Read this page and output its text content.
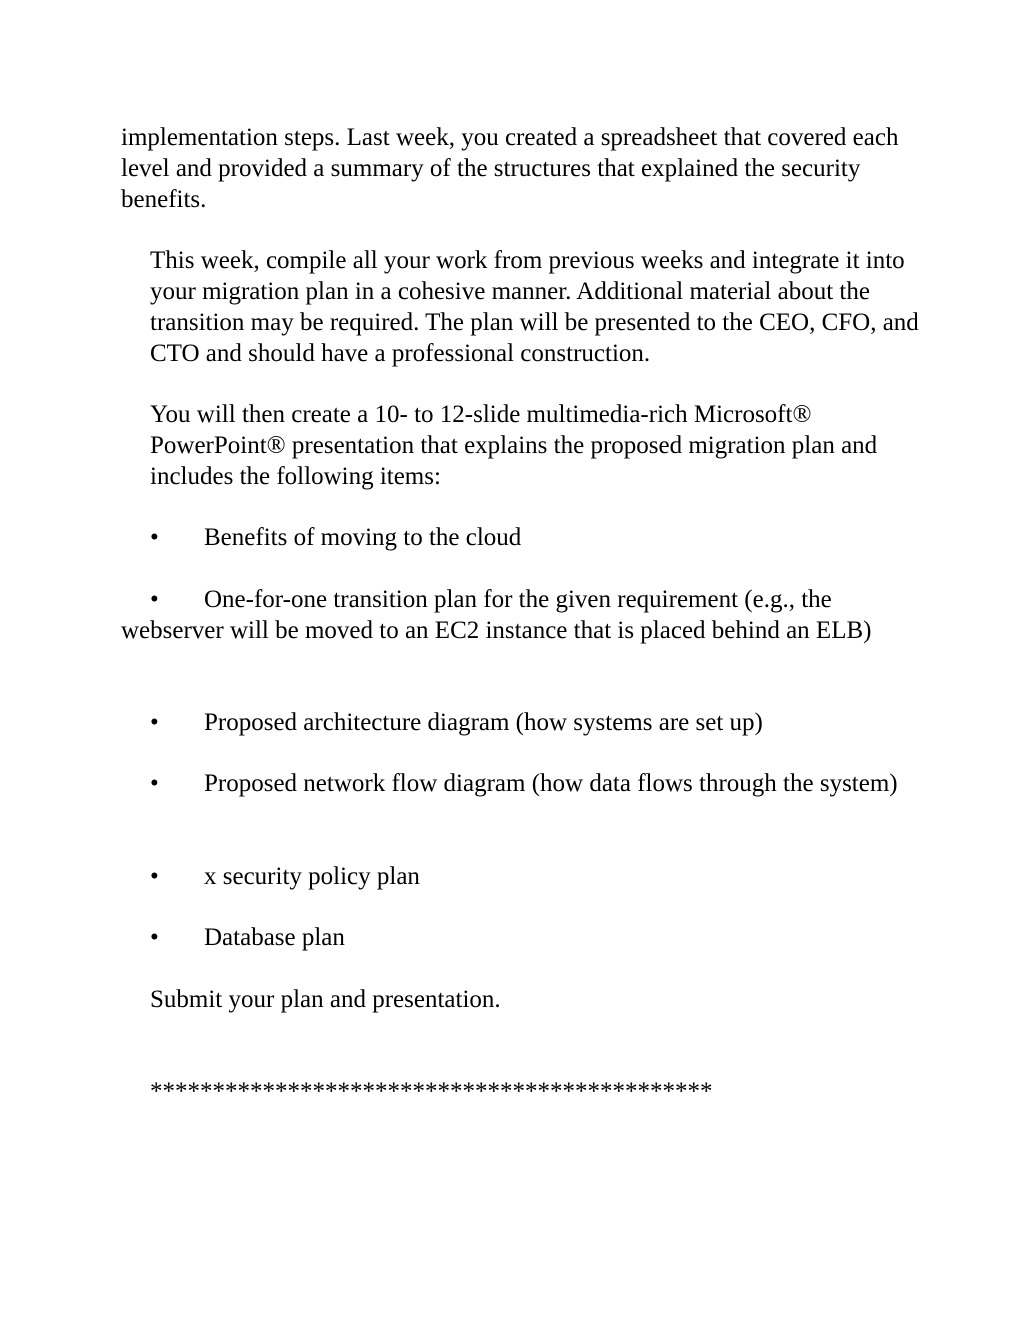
implementation steps. Last week, you created a spreadsheet that covered each level and provided a summary of the structures that explained the security benefits.

This week, compile all your work from previous weeks and integrate it into your migration plan in a cohesive manner. Additional material about the transition may be required. The plan will be presented to the CEO, CFO, and CTO and should have a professional construction.

You will then create a 10- to 12-slide multimedia-rich Microsoft® PowerPoint® presentation that explains the proposed migration plan and includes the following items:

• Benefits of moving to the cloud
• One-for-one transition plan for the given requirement (e.g., the webserver will be moved to an EC2 instance that is placed behind an ELB)
• Proposed architecture diagram (how systems are set up)
• Proposed network flow diagram (how data flows through the system)
• x security policy plan
• Database plan

Submit your plan and presentation.

*********************************************
